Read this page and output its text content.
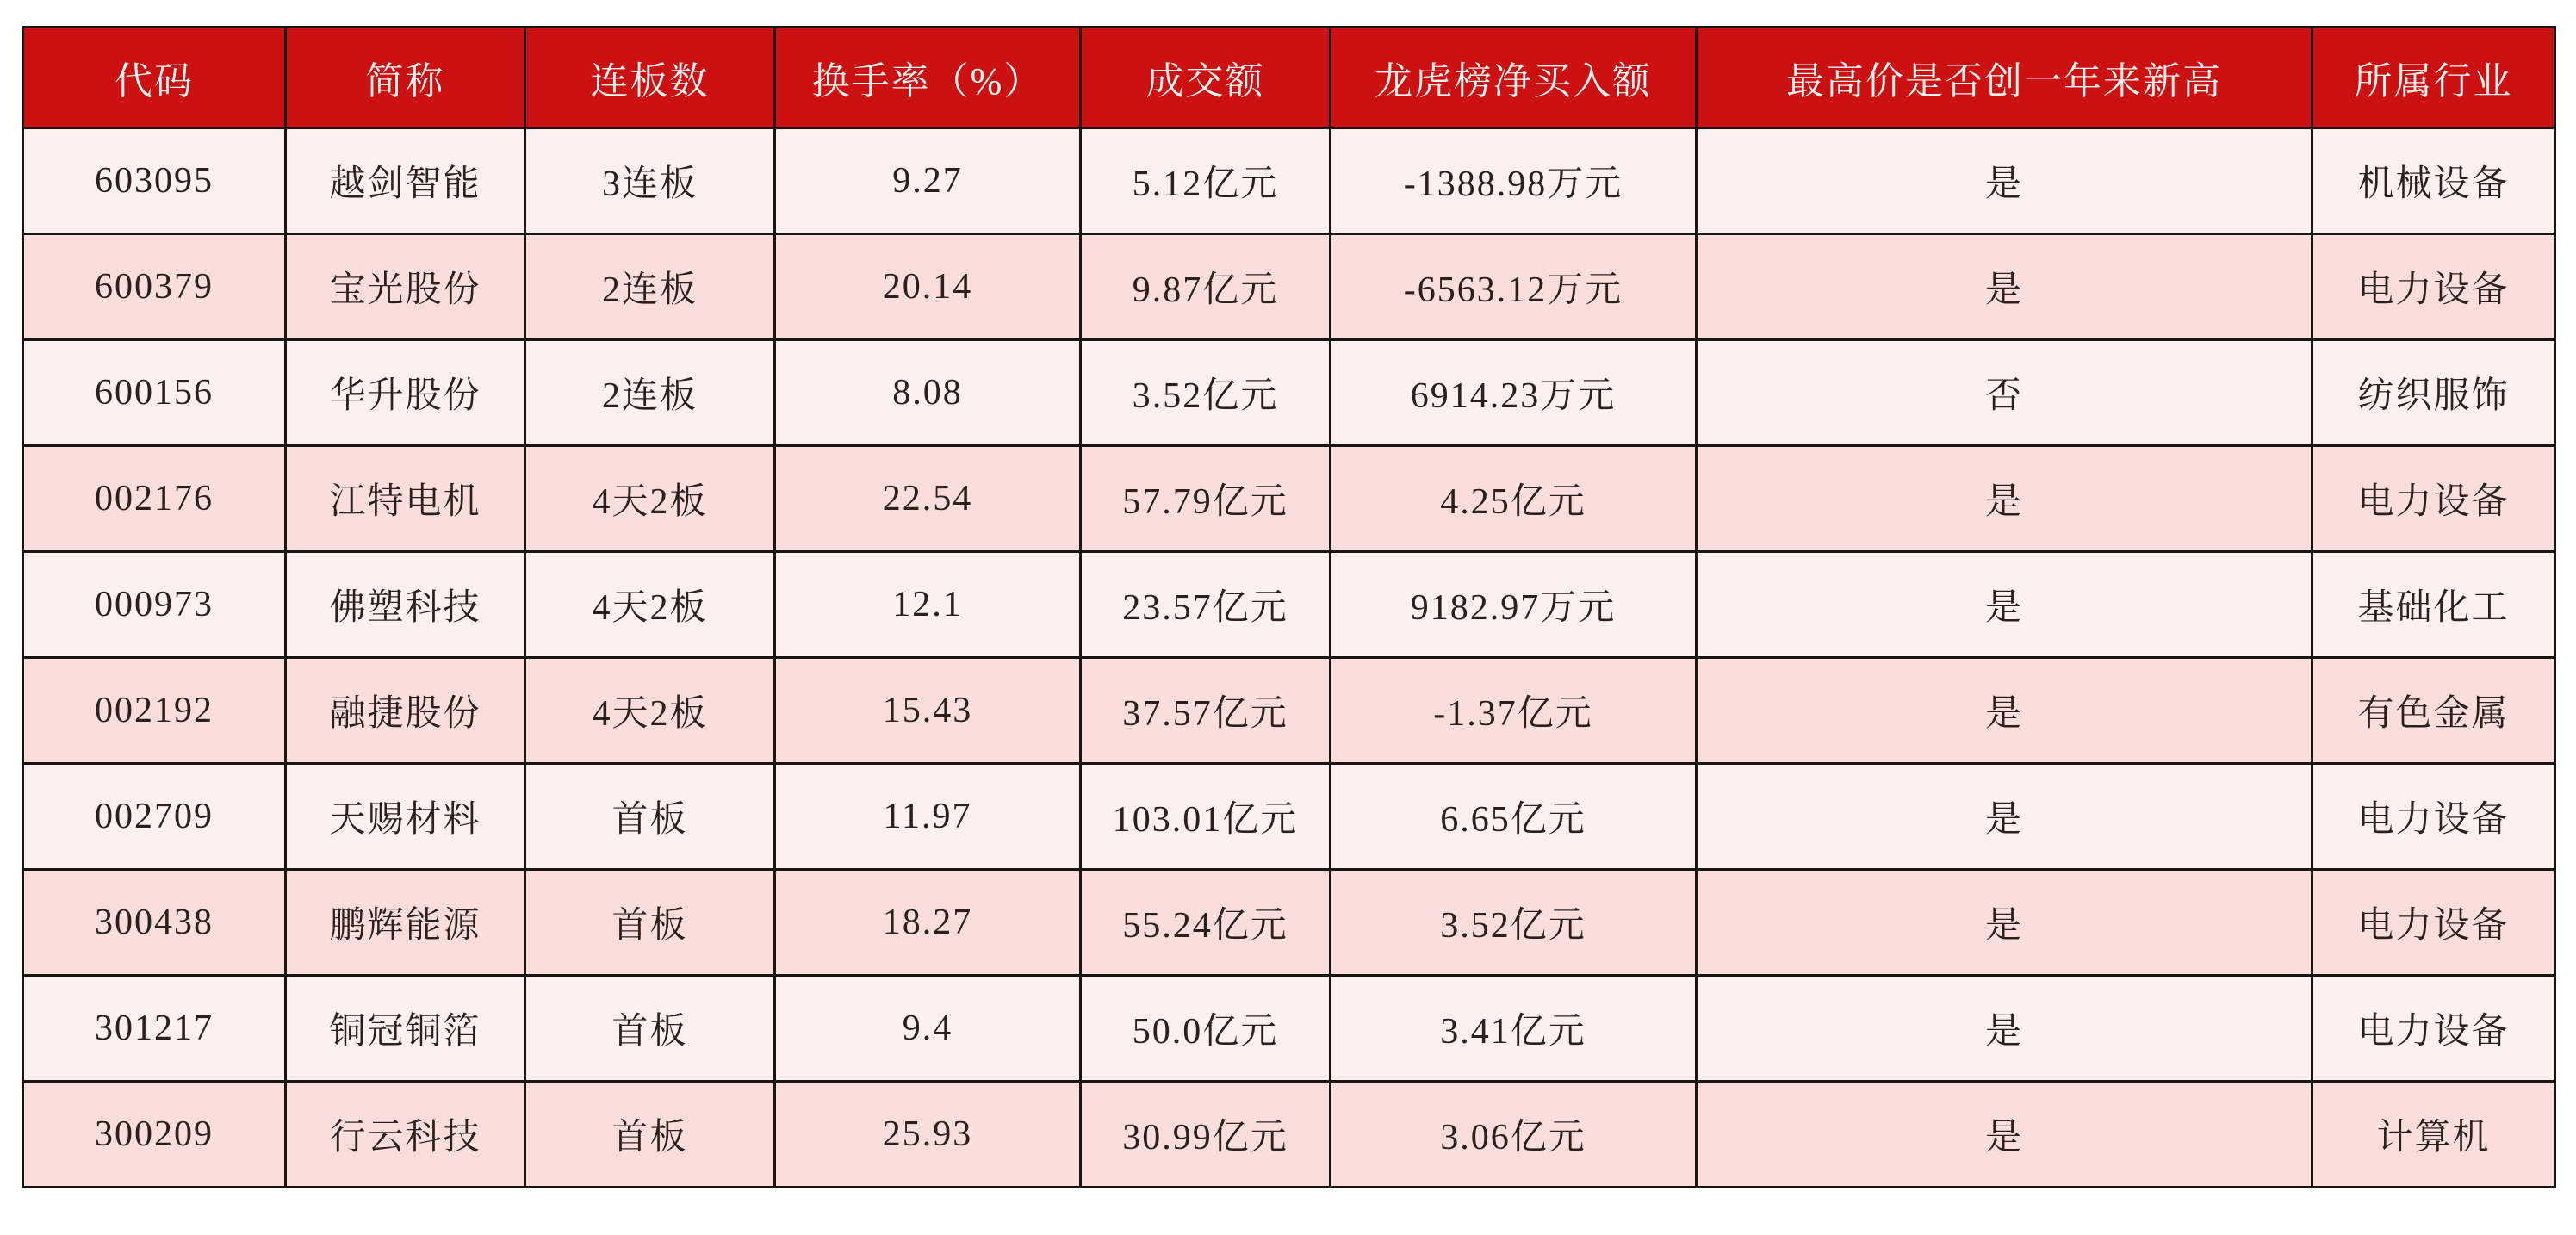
代码	简称	连板数	换手率（%）	成交额	龙虎榜净买入额	最高价是否创一年来新高	所属行业
603095	越剑智能	3连板	9.27	5.12亿元	-1388.98万元	是	机械设备
600379	宝光股份	2连板	20.14	9.87亿元	-6563.12万元	是	电力设备
600156	华升股份	2连板	8.08	3.52亿元	6914.23万元	否	纺织服饰
002176	江特电机	4天2板	22.54	57.79亿元	4.25亿元	是	电力设备
000973	佛塑科技	4天2板	12.1	23.57亿元	9182.97万元	是	基础化工
002192	融捷股份	4天2板	15.43	37.57亿元	-1.37亿元	是	有色金属
002709	天赐材料	首板	11.97	103.01亿元	6.65亿元	是	电力设备
300438	鹏辉能源	首板	18.27	55.24亿元	3.52亿元	是	电力设备
301217	铜冠铜箔	首板	9.4	50.0亿元	3.41亿元	是	电力设备
300209	行云科技	首板	25.93	30.99亿元	3.06亿元	是	计算机
